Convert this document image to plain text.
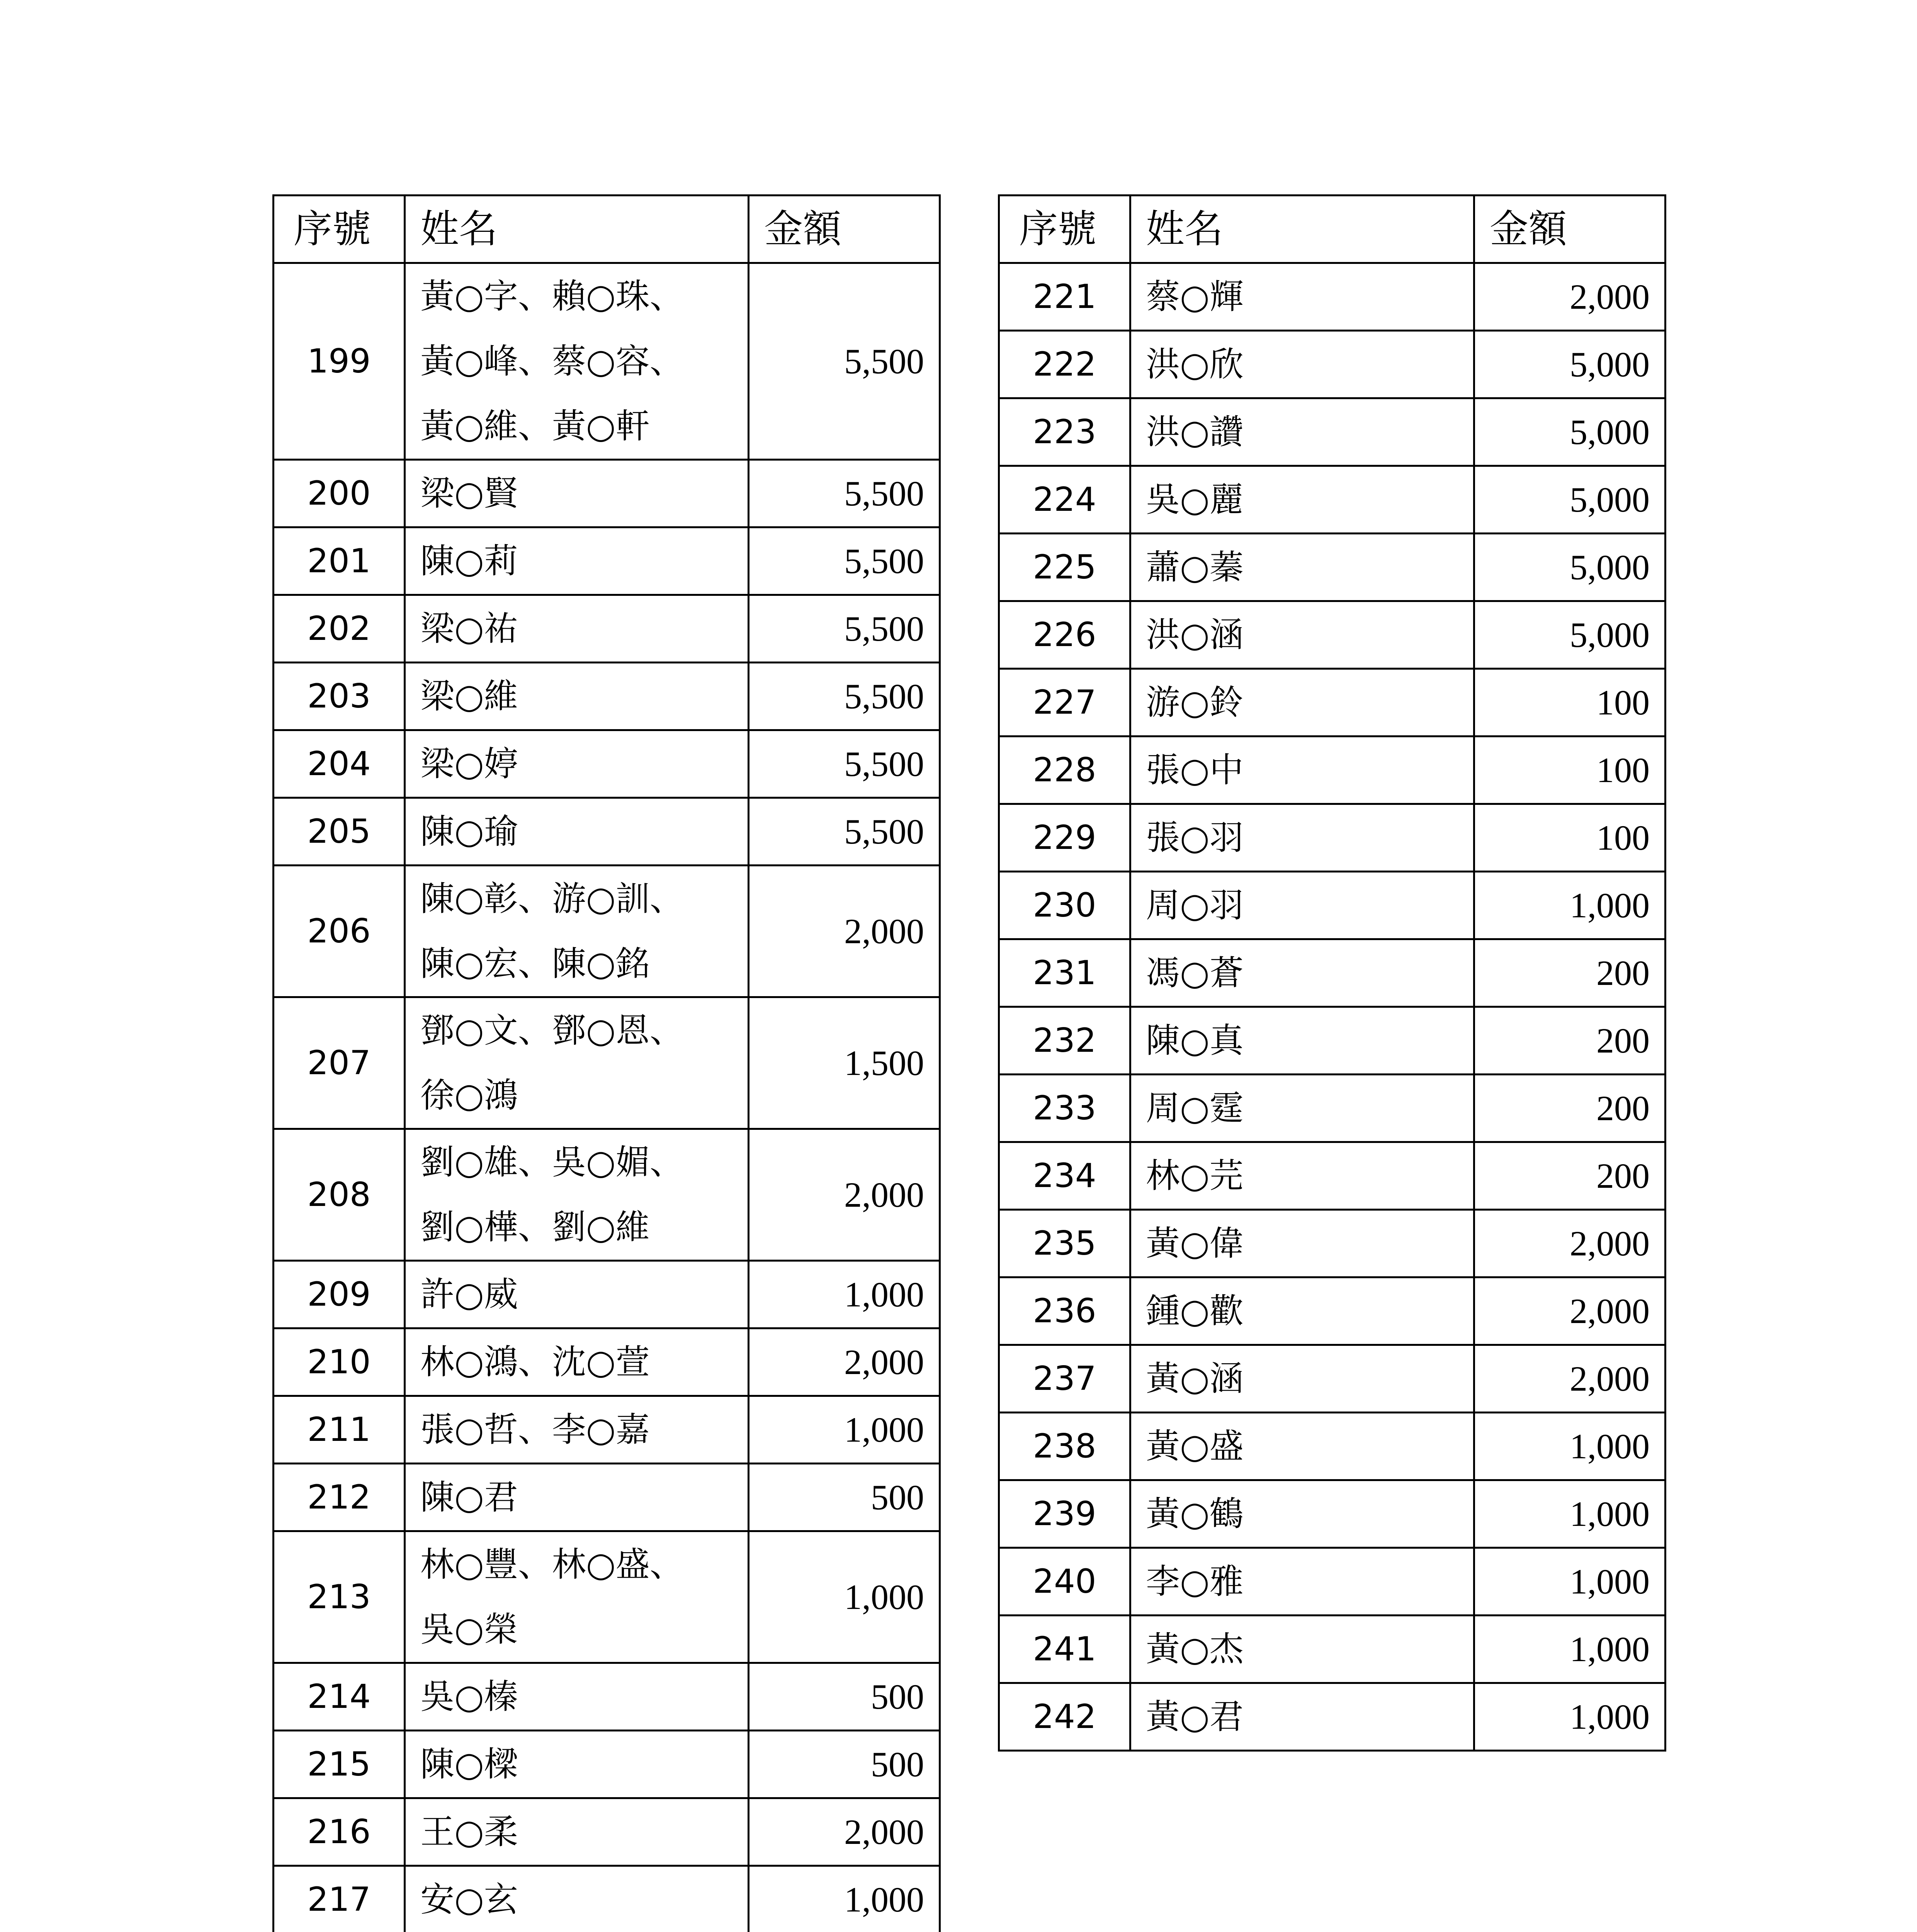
序號	姓名	金額
199	黃○字、賴○珠、
黃○峰、蔡○容、
黃○維、黃○軒	5,500
200	梁○賢	5,500
201	陳○莉	5,500
202	梁○祐	5,500
203	梁○維	5,500
204	梁○婷	5,500
205	陳○瑜	5,500
206	陳○彰、游○訓、
陳○宏、陳○銘	2,000
207	鄧○文、鄧○恩、
徐○鴻	1,500
208	劉○雄、吳○媚、
劉○樺、劉○維	2,000
209	許○威	1,000
210	林○鴻、沈○萱	2,000
211	張○哲、李○嘉	1,000
212	陳○君	500
213	林○豐、林○盛、
吳○榮	1,000
214	吳○榛	500
215	陳○樑	500
216	王○柔	2,000
217	安○玄	1,000

序號	姓名	金額
221	蔡○輝	2,000
222	洪○欣	5,000
223	洪○讚	5,000
224	吳○麗	5,000
225	蕭○蓁	5,000
226	洪○涵	5,000
227	游○鈴	100
228	張○中	100
229	張○羽	100
230	周○羽	1,000
231	馮○蒼	200
232	陳○真	200
233	周○霆	200
234	林○芫	200
235	黃○偉	2,000
236	鍾○歡	2,000
237	黃○涵	2,000
238	黃○盛	1,000
239	黃○鶴	1,000
240	李○雅	1,000
241	黃○杰	1,000
242	黃○君	1,000
